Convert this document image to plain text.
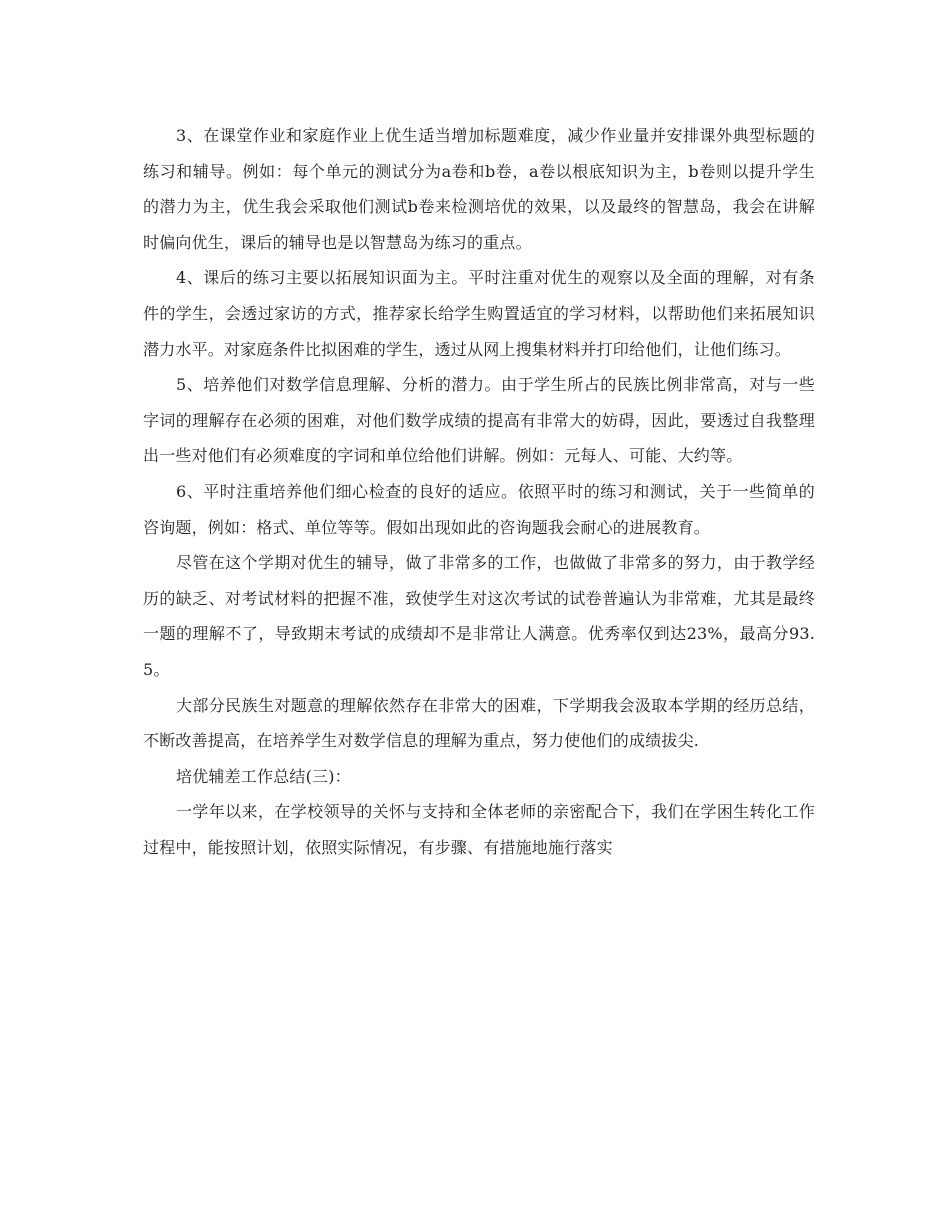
3、在课堂作业和家庭作业上优生适当增加标题难度，减少作业量并安排课外典型标题的练习和辅导。例如：每个单元的测试分为a卷和b卷，a卷以根底知识为主，b卷则以提升学生的潜力为主，优生我会采取他们测试b卷来检测培优的效果，以及最终的智慧岛，我会在讲解时偏向优生，课后的辅导也是以智慧岛为练习的重点。

4、课后的练习主要以拓展知识面为主。平时注重对优生的观察以及全面的理解，对有条件的学生，会透过家访的方式，推荐家长给学生购置适宜的学习材料，以帮助他们来拓展知识潜力水平。对家庭条件比拟困难的学生，透过从网上搜集材料并打印给他们，让他们练习。

5、培养他们对数学信息理解、分析的潜力。由于学生所占的民族比例非常高，对与一些字词的理解存在必须的困难，对他们数学成绩的提高有非常大的妨碍，因此，要透过自我整理出一些对他们有必须难度的字词和单位给他们讲解。例如：元每人、可能、大约等。

6、平时注重培养他们细心检查的良好的适应。依照平时的练习和测试，关于一些简单的咨询题，例如：格式、单位等等。假如出现如此的咨询题我会耐心的进展教育。

尽管在这个学期对优生的辅导，做了非常多的工作，也做做了非常多的努力，由于教学经历的缺乏、对考试材料的把握不准，致使学生对这次考试的试卷普遍认为非常难，尤其是最终一题的理解不了，导致期末考试的成绩却不是非常让人满意。优秀率仅到达23%，最高分93.5。

大部分民族生对题意的理解依然存在非常大的困难，下学期我会汲取本学期的经历总结，不断改善提高，在培养学生对数学信息的理解为重点，努力使他们的成绩拔尖.

培优辅差工作总结(三)：

一学年以来，在学校领导的关怀与支持和全体老师的亲密配合下，我们在学困生转化工作过程中，能按照计划，依照实际情况，有步骤、有措施地施行落实
